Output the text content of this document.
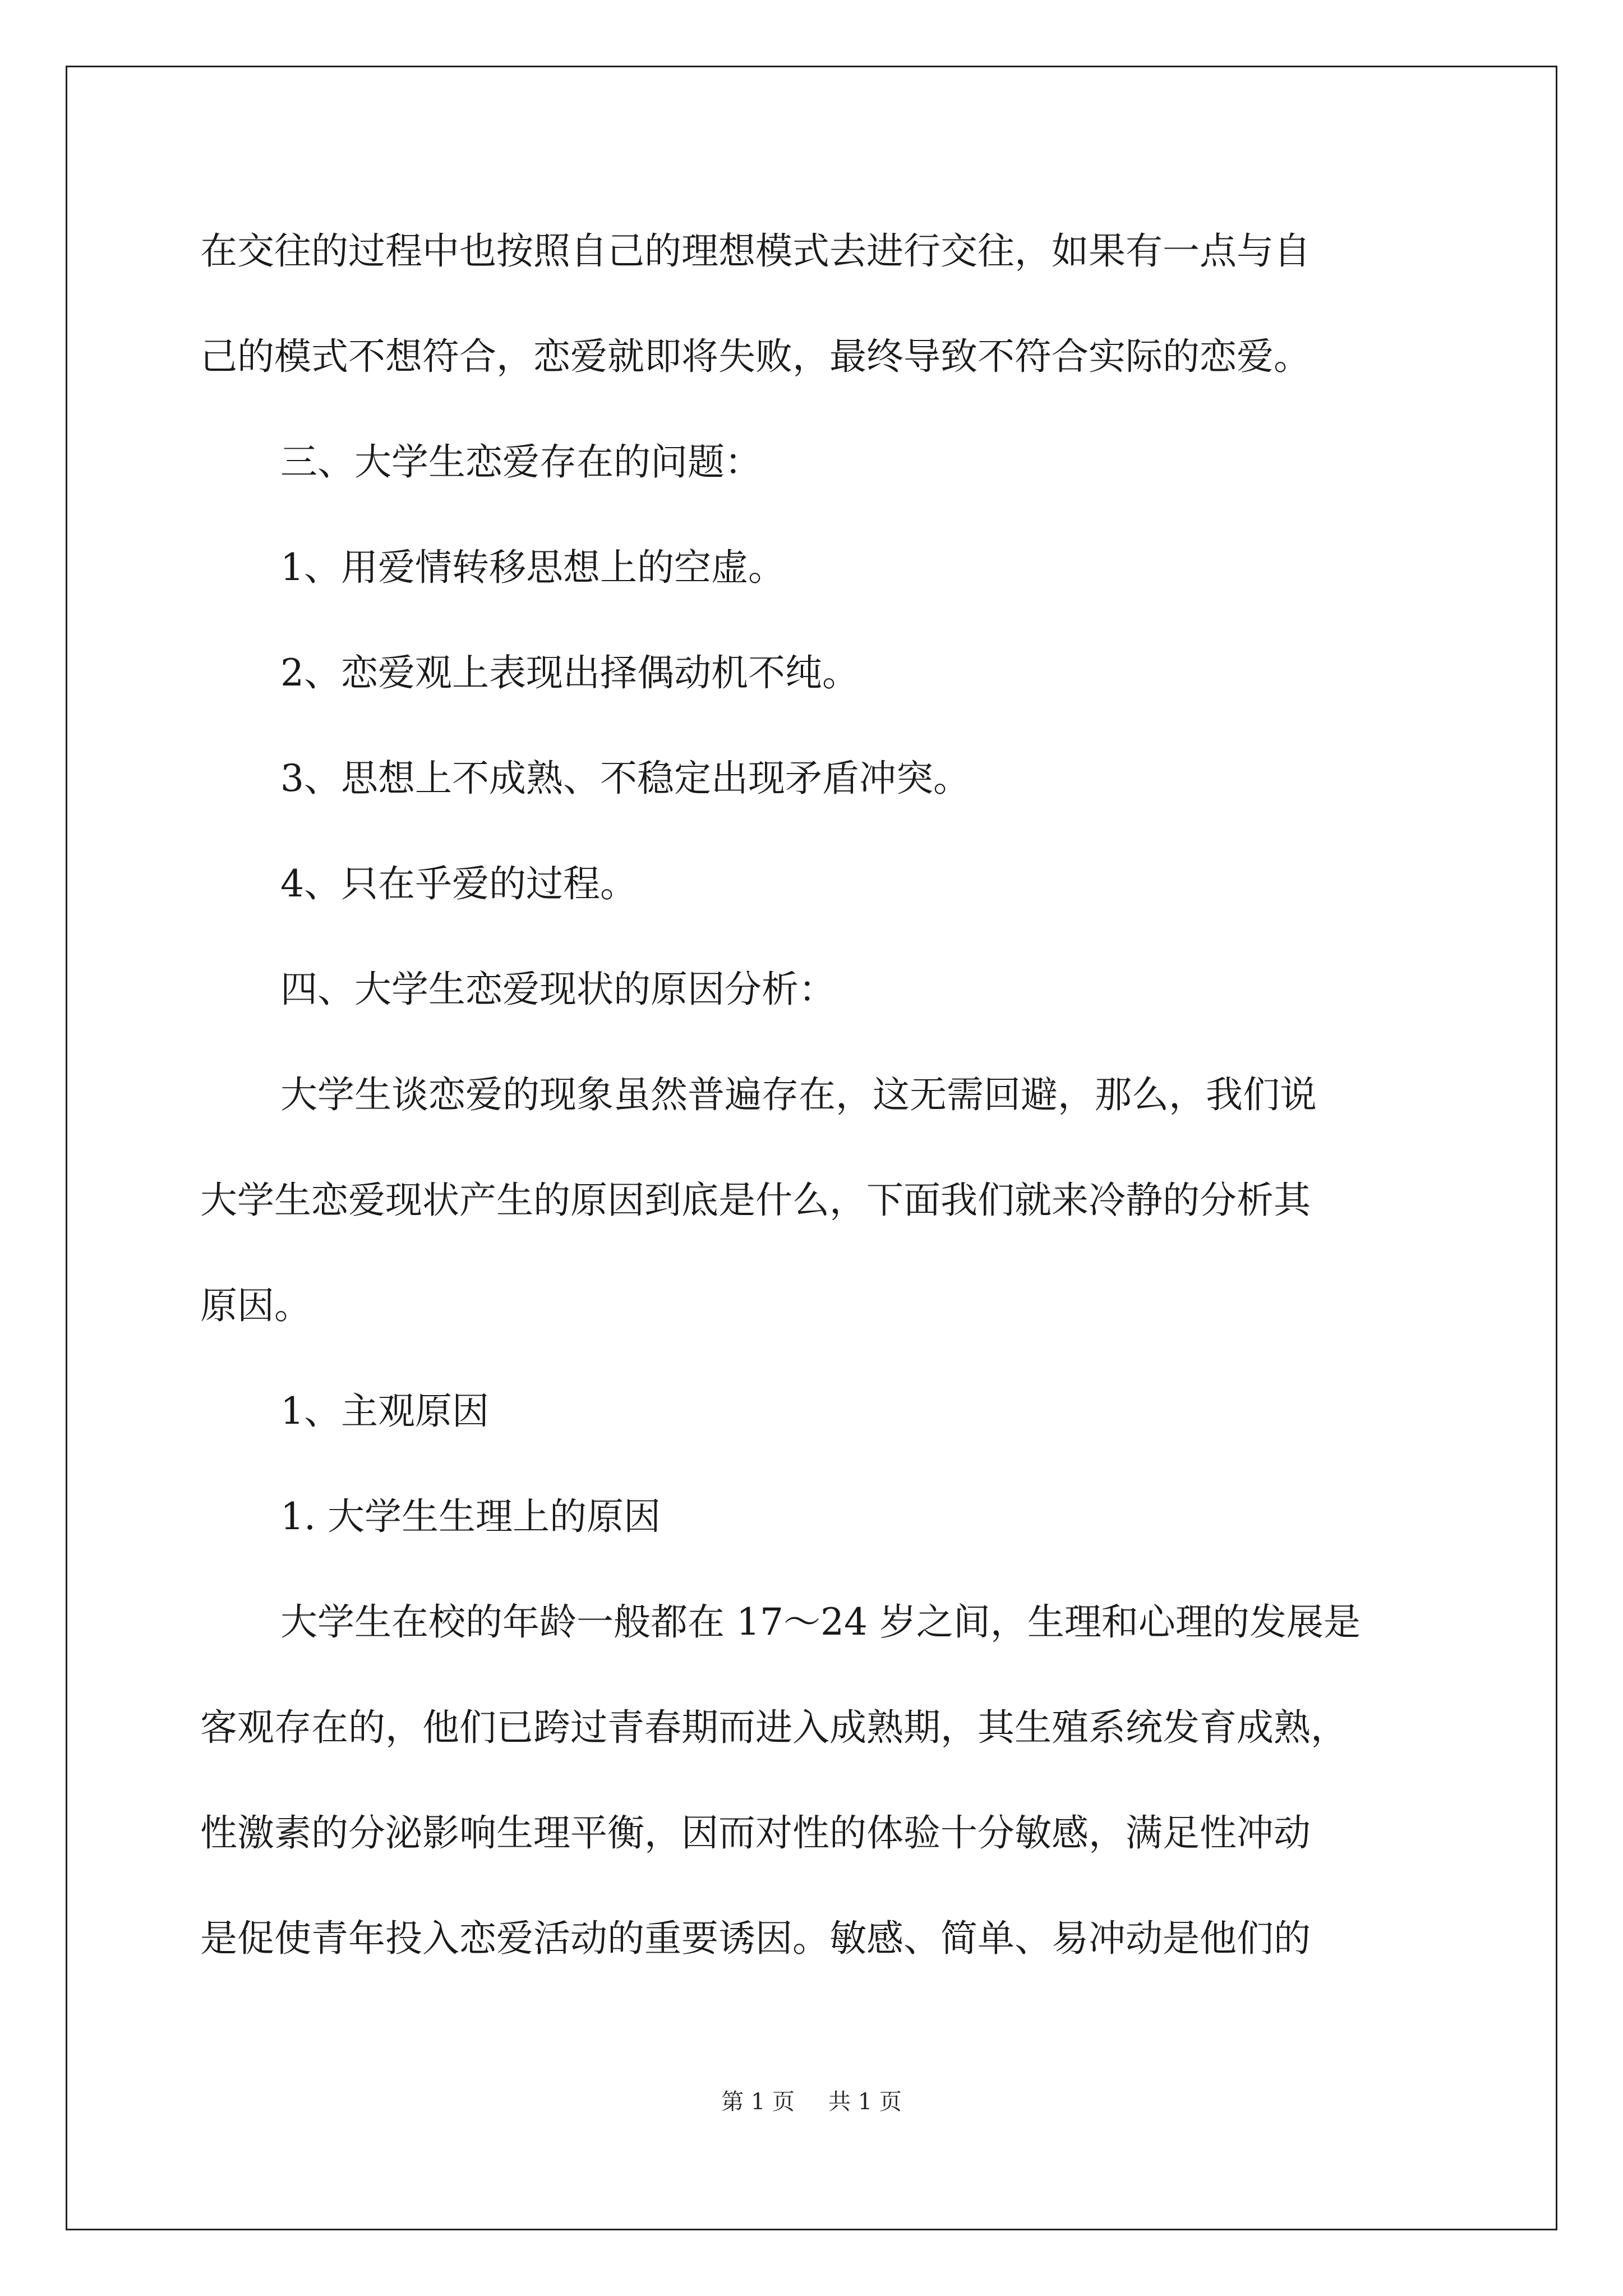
在交往的过程中也按照自己的理想模式去进行交往，如果有一点与自

己的模式不想符合，恋爱就即将失败，最终导致不符合实际的恋爱。

三、大学生恋爱存在的问题：

1、用爱情转移思想上的空虚。

2、恋爱观上表现出择偶动机不纯。

3、思想上不成熟、不稳定出现矛盾冲突。

4、只在乎爱的过程。

四、大学生恋爱现状的原因分析：

大学生谈恋爱的现象虽然普遍存在，这无需回避，那么，我们说

大学生恋爱现状产生的原因到底是什么，下面我们就来冷静的分析其

原因。

1、主观原因

1. 大学生生理上的原因

大学生在校的年龄一般都在 17～24 岁之间，生理和心理的发展是

客观存在的，他们已跨过青春期而进入成熟期，其生殖系统发育成熟，

性激素的分泌影响生理平衡，因而对性的体验十分敏感，满足性冲动

是促使青年投入恋爱活动的重要诱因。敏感、简单、易冲动是他们的

第 1 页 共 1 页
